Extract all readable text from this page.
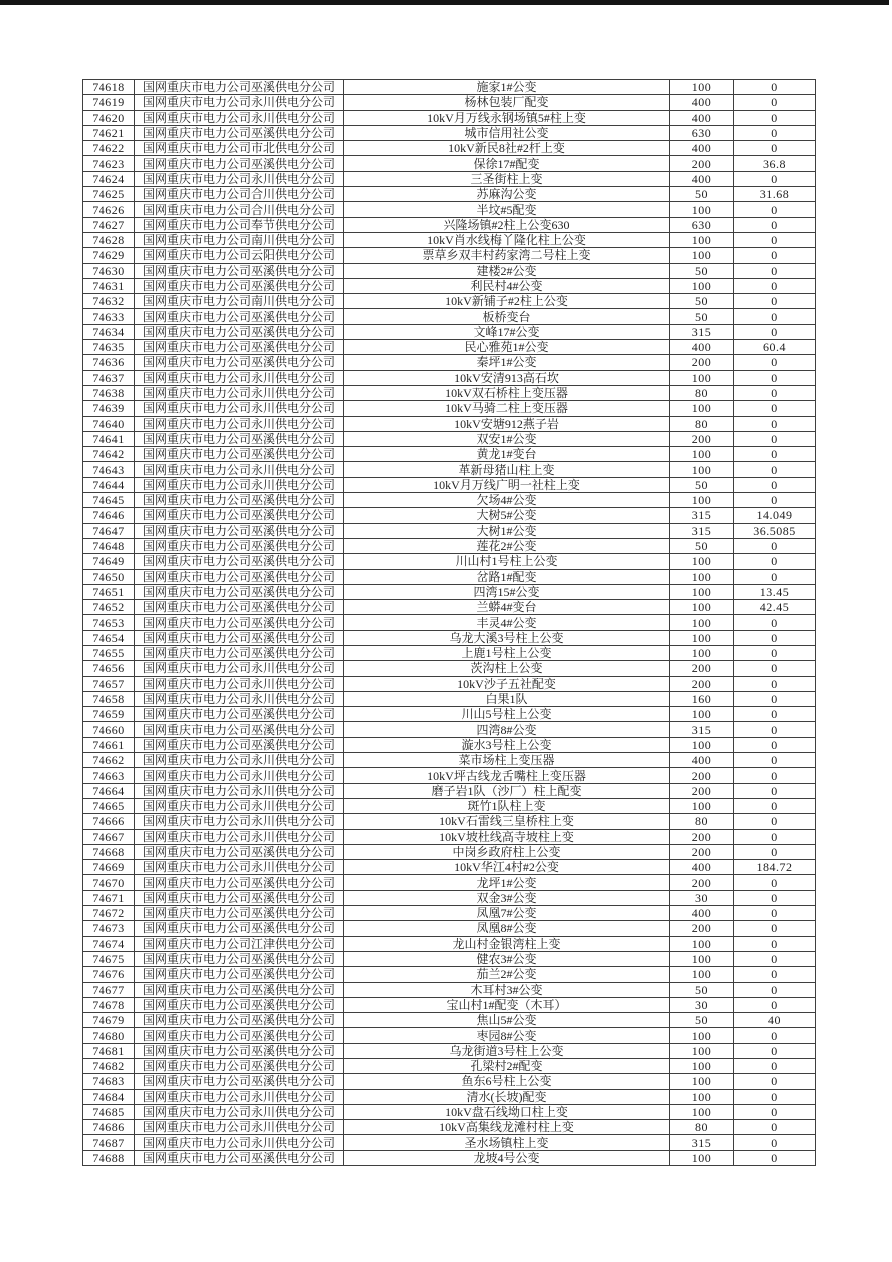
74618	国网重庆市电力公司巫溪供电分公司	施家1#公变	100	0
74619	国网重庆市电力公司永川供电分公司	杨林包装厂配变	400	0
74620	国网重庆市电力公司永川供电分公司	10kV月万线永钢场镇5#柱上变	400	0
74621	国网重庆市电力公司巫溪供电分公司	城市信用社公变	630	0
74622	国网重庆市电力公司市北供电分公司	10kV新民8社#2杆上变	400	0
74623	国网重庆市电力公司巫溪供电分公司	保徐17#配变	200	36.8
74624	国网重庆市电力公司永川供电分公司	三圣街柱上变	400	0
74625	国网重庆市电力公司合川供电分公司	苏麻沟公变	50	31.68
74626	国网重庆市电力公司合川供电分公司	半坟#5配变	100	0
74627	国网重庆市电力公司奉节供电分公司	兴隆场镇#2柱上公变630	630	0
74628	国网重庆市电力公司南川供电分公司	10kV肖水线梅丫隆化柱上公变	100	0
74629	国网重庆市电力公司云阳供电分公司	票草乡双丰村药家湾二号柱上变	100	0
74630	国网重庆市电力公司巫溪供电分公司	建楼2#公变	50	0
74631	国网重庆市电力公司巫溪供电分公司	利民村4#公变	100	0
74632	国网重庆市电力公司南川供电分公司	10kV新铺子#2柱上公变	50	0
74633	国网重庆市电力公司巫溪供电分公司	板桥变台	50	0
74634	国网重庆市电力公司巫溪供电分公司	文峰17#公变	315	0
74635	国网重庆市电力公司巫溪供电分公司	民心雅苑1#公变	400	60.4
74636	国网重庆市电力公司巫溪供电分公司	秦坪1#公变	200	0
74637	国网重庆市电力公司永川供电分公司	10kV安清913高石坎	100	0
74638	国网重庆市电力公司永川供电分公司	10kV双石桥柱上变压器	80	0
74639	国网重庆市电力公司永川供电分公司	10kV马骑二柱上变压器	100	0
74640	国网重庆市电力公司永川供电分公司	10kV安塘912燕子岩	80	0
74641	国网重庆市电力公司巫溪供电分公司	双安1#公变	200	0
74642	国网重庆市电力公司巫溪供电分公司	黄龙1#变台	100	0
74643	国网重庆市电力公司永川供电分公司	革新母猪山柱上变	100	0
74644	国网重庆市电力公司永川供电分公司	10kV月万线广明一社柱上变	50	0
74645	国网重庆市电力公司巫溪供电分公司	欠场4#公变	100	0
74646	国网重庆市电力公司巫溪供电分公司	大树5#公变	315	14.049
74647	国网重庆市电力公司巫溪供电分公司	大树1#公变	315	36.5085
74648	国网重庆市电力公司巫溪供电分公司	莲花2#公变	50	0
74649	国网重庆市电力公司巫溪供电分公司	川山村1号柱上公变	100	0
74650	国网重庆市电力公司巫溪供电分公司	岔路1#配变	100	0
74651	国网重庆市电力公司巫溪供电分公司	四湾15#公变	100	13.45
74652	国网重庆市电力公司巫溪供电分公司	兰蟒4#变台	100	42.45
74653	国网重庆市电力公司巫溪供电分公司	丰灵4#公变	100	0
74654	国网重庆市电力公司巫溪供电分公司	乌龙大溪3号柱上公变	100	0
74655	国网重庆市电力公司巫溪供电分公司	上鹿1号柱上公变	100	0
74656	国网重庆市电力公司永川供电分公司	茨沟柱上公变	200	0
74657	国网重庆市电力公司永川供电分公司	10kV沙子五社配变	200	0
74658	国网重庆市电力公司永川供电分公司	白果1队	160	0
74659	国网重庆市电力公司巫溪供电分公司	川山5号柱上公变	100	0
74660	国网重庆市电力公司巫溪供电分公司	四湾8#公变	315	0
74661	国网重庆市电力公司巫溪供电分公司	漩水3号柱上公变	100	0
74662	国网重庆市电力公司永川供电分公司	菜市场柱上变压器	400	0
74663	国网重庆市电力公司永川供电分公司	10kV坪古线龙舌嘴柱上变压器	200	0
74664	国网重庆市电力公司永川供电分公司	磨子岩1队（沙厂）柱上配变	200	0
74665	国网重庆市电力公司永川供电分公司	斑竹1队柱上变	100	0
74666	国网重庆市电力公司永川供电分公司	10kV石雷线三皇桥柱上变	80	0
74667	国网重庆市电力公司永川供电分公司	10kV坡杜线高寺坡柱上变	200	0
74668	国网重庆市电力公司巫溪供电分公司	中岗乡政府柱上公变	200	0
74669	国网重庆市电力公司永川供电分公司	10kV华江4村#2公变	400	184.72
74670	国网重庆市电力公司巫溪供电分公司	龙坪1#公变	200	0
74671	国网重庆市电力公司巫溪供电分公司	双金3#公变	30	0
74672	国网重庆市电力公司巫溪供电分公司	凤凰7#公变	400	0
74673	国网重庆市电力公司巫溪供电分公司	凤凰8#公变	200	0
74674	国网重庆市电力公司江津供电分公司	龙山村金银湾柱上变	100	0
74675	国网重庆市电力公司巫溪供电分公司	健农3#公变	100	0
74676	国网重庆市电力公司巫溪供电分公司	茄兰2#公变	100	0
74677	国网重庆市电力公司巫溪供电分公司	木耳村3#公变	50	0
74678	国网重庆市电力公司巫溪供电分公司	宝山村1#配变（木耳）	30	0
74679	国网重庆市电力公司巫溪供电分公司	焦山5#公变	50	40
74680	国网重庆市电力公司巫溪供电分公司	枣园8#公变	100	0
74681	国网重庆市电力公司巫溪供电分公司	乌龙街道3号柱上公变	100	0
74682	国网重庆市电力公司巫溪供电分公司	孔梁村2#配变	100	0
74683	国网重庆市电力公司巫溪供电分公司	鱼东6号柱上公变	100	0
74684	国网重庆市电力公司永川供电分公司	清水(长坡)配变	100	0
74685	国网重庆市电力公司永川供电分公司	10kV盘石线坳口柱上变	100	0
74686	国网重庆市电力公司永川供电分公司	10kV高集线龙滩村柱上变	80	0
74687	国网重庆市电力公司永川供电分公司	圣水场镇柱上变	315	0
74688	国网重庆市电力公司巫溪供电分公司	龙坡4号公变	100	0
